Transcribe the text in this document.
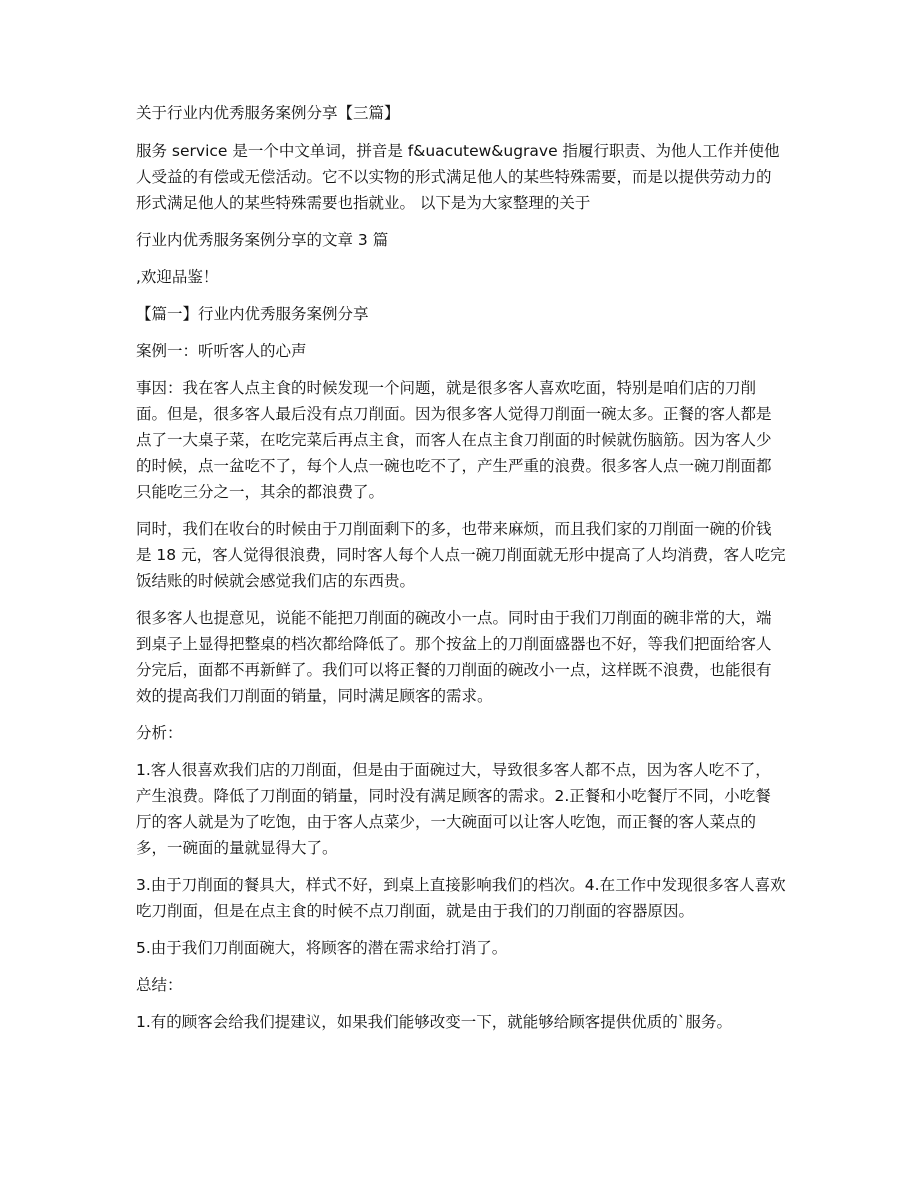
关于行业内优秀服务案例分享【三篇】

服务 service 是一个中文单词，拼音是 f&uacutew&ugrave 指履行职责、为他人工作并使他人受益的有偿或无偿活动。它不以实物的形式满足他人的某些特殊需要，而是以提供劳动力的形式满足他人的某些特殊需要也指就业。 以下是为大家整理的关于

行业内优秀服务案例分享的文章 3 篇

,欢迎品鉴！

【篇一】行业内优秀服务案例分享

案例一：听听客人的心声

事因：我在客人点主食的时候发现一个问题，就是很多客人喜欢吃面，特别是咱们店的刀削面。但是，很多客人最后没有点刀削面。因为很多客人觉得刀削面一碗太多。正餐的客人都是点了一大桌子菜，在吃完菜后再点主食，而客人在点主食刀削面的时候就伤脑筋。因为客人少的时候，点一盆吃不了，每个人点一碗也吃不了，产生严重的浪费。很多客人点一碗刀削面都只能吃三分之一，其余的都浪费了。

同时，我们在收台的时候由于刀削面剩下的多，也带来麻烦，而且我们家的刀削面一碗的价钱是 18 元，客人觉得很浪费，同时客人每个人点一碗刀削面就无形中提高了人均消费，客人吃完饭结账的时候就会感觉我们店的东西贵。

很多客人也提意见，说能不能把刀削面的碗改小一点。同时由于我们刀削面的碗非常的大，端到桌子上显得把整桌的档次都给降低了。那个按盆上的刀削面盛器也不好，等我们把面给客人分完后，面都不再新鲜了。我们可以将正餐的刀削面的碗改小一点，这样既不浪费，也能很有效的提高我们刀削面的销量，同时满足顾客的需求。

分析：

1.客人很喜欢我们店的刀削面，但是由于面碗过大，导致很多客人都不点，因为客人吃不了，产生浪费。降低了刀削面的销量，同时没有满足顾客的需求。2.正餐和小吃餐厅不同，小吃餐厅的客人就是为了吃饱，由于客人点菜少，一大碗面可以让客人吃饱，而正餐的客人菜点的多，一碗面的量就显得大了。

3.由于刀削面的餐具大，样式不好，到桌上直接影响我们的档次。4.在工作中发现很多客人喜欢吃刀削面，但是在点主食的时候不点刀削面，就是由于我们的刀削面的容器原因。

5.由于我们刀削面碗大，将顾客的潜在需求给打消了。

总结：

1.有的顾客会给我们提建议，如果我们能够改变一下，就能够给顾客提供优质的`服务。
